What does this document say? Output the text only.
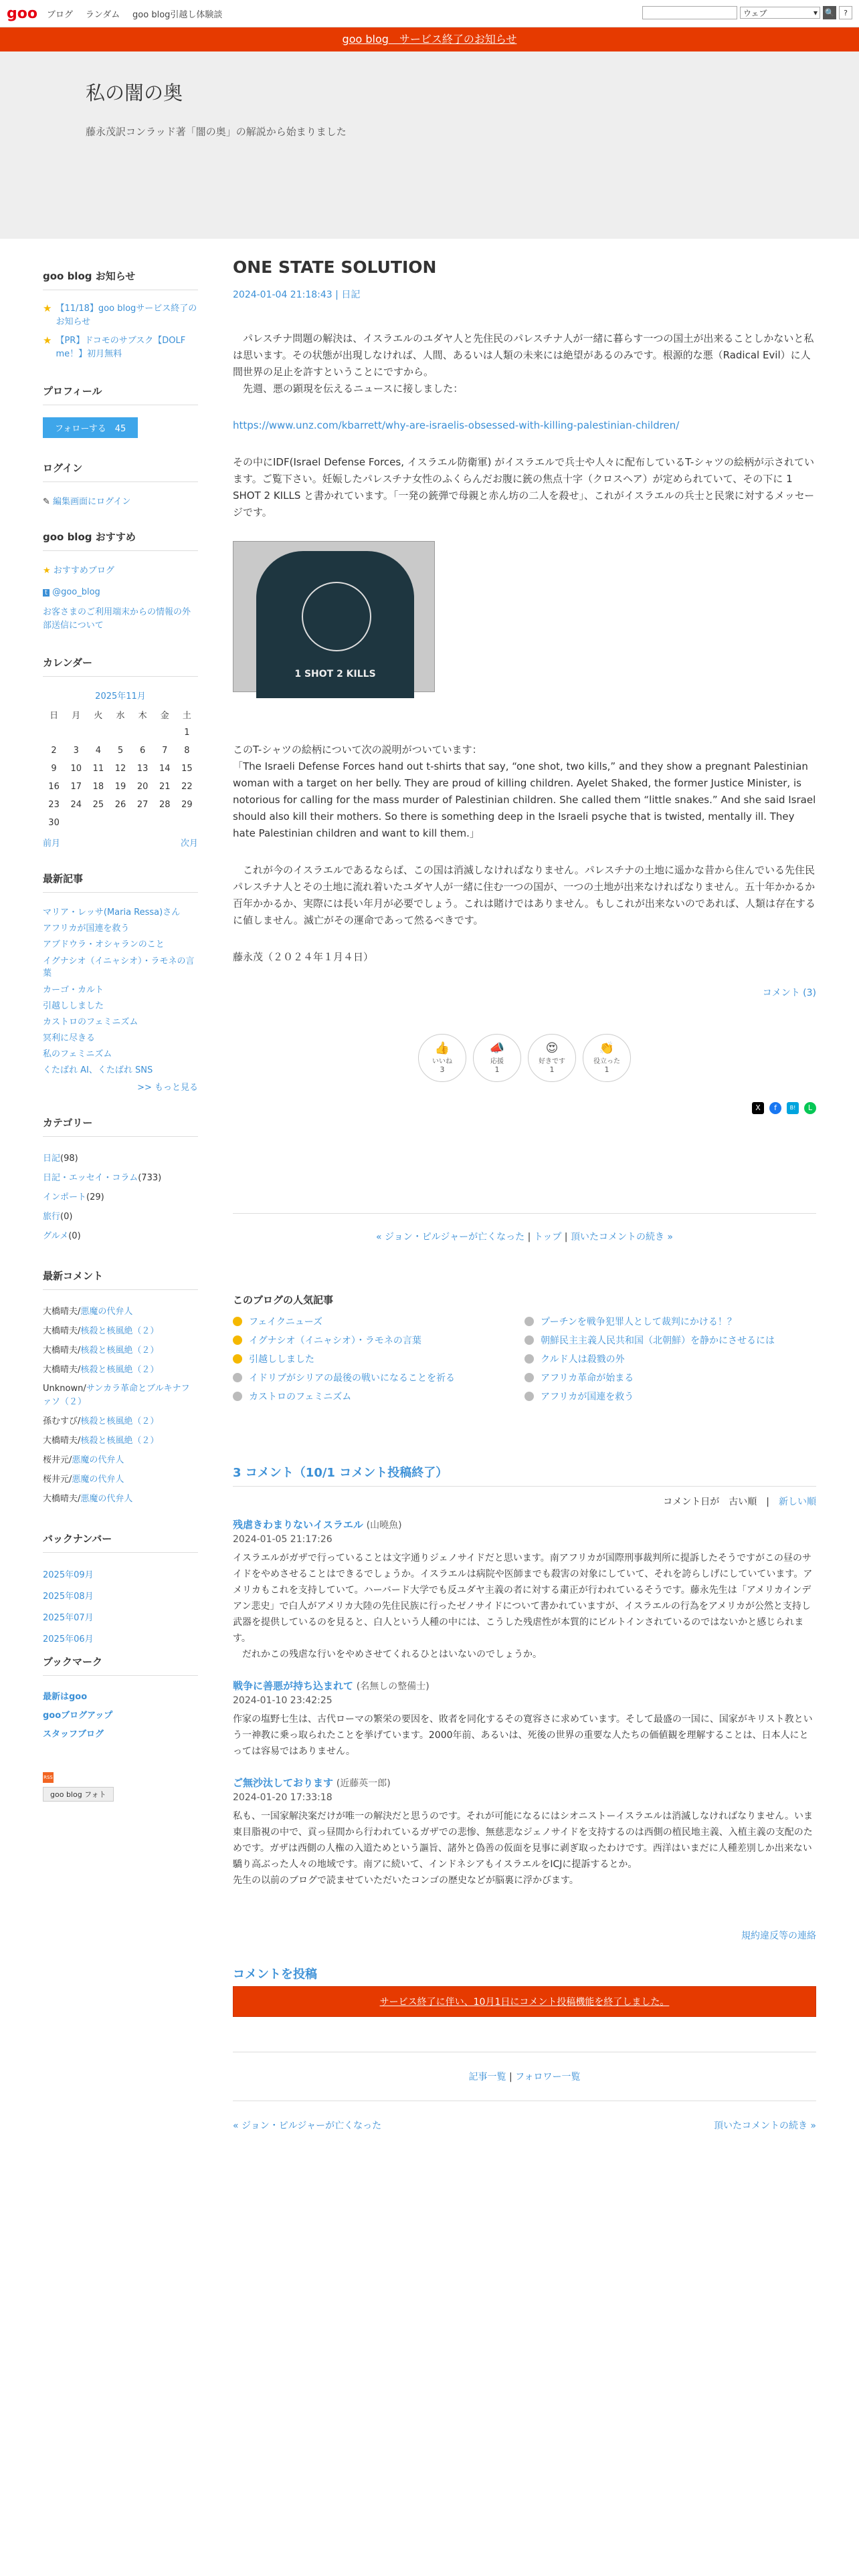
goo ブログ ランダム goo blog引越し体験談	ウェブ	▾ 🔍	?
goo blog　サービス終了のお知らせ
私の闇の奥

藤永茂訳コンラッド著「闇の奥」の解説から始まりました

goo blog お知らせ
★ 【11/18】goo blogサービス終了のお知らせ
★ 【PR】ドコモのサブスク【DOLF me！】初月無料
プロフィール
フォローする　45
ログイン
✎ 編集画面にログイン
goo blog おすすめ
★ おすすめブログ
t @goo_blog
お客さまのご利用端末からの情報の外部送信について
カレンダー
2025年11月
日	月	火	水	木	金	土
						1
2	3	4	5	6	7	8
9	10	11	12	13	14	15
16	17	18	19	20	21	22
23	24	25	26	27	28	29
30						
前月	次月
最新記事
マリア・レッサ(Maria Ressa)さん
アフリカが国連を救う
アブドウラ・オシャランのこと
イグナシオ（イニャシオ）・ラモネの言葉
カーゴ・カルト
引越ししました
カストロのフェミニズム
冥利に尽きる
私のフェミニズム
くたばれ AI、くたばれ SNS
>> もっと見る
カテゴリー
日記(98)
日記・エッセイ・コラム(733)
インポート(29)
旅行(0)
グルメ(0)
最新コメント
大橋晴夫/悪魔の代弁人
大橋晴夫/核殺と核風絶（２）
大橋晴夫/核殺と核風絶（２）
大橋晴夫/核殺と核風絶（２）
Unknown/サンカラ革命とブルキナファソ（２）
孫むすび/核殺と核風絶（２）
大橋晴夫/核殺と核風絶（２）
桜井元/悪魔の代弁人
桜井元/悪魔の代弁人
大橋晴夫/悪魔の代弁人
バックナンバー
2025年09月
2025年08月
2025年07月
2025年06月
ブックマーク
最新はgoo
gooブログアップ
スタッフブログ
RSS
goo blog フォト
ONE STATE SOLUTION
2024-01-04 21:18:43 | 日記

　パレスチナ問題の解決は、イスラエルのユダヤ人と先住民のパレスチナ人が一緒に暮らす一つの国土が出来ることしかないと私は思います。その状態が出現しなければ、人間、あるいは人類の未来には絶望があるのみです。根源的な悪（Radical Evil）に人間世界の足止を許すということにですから。
　先週、悪の顕現を伝えるニュースに接しました：

https://www.unz.com/kbarrett/why-are-israelis-obsessed-with-killing-palestinian-children/

その中にIDF(Israel Defense Forces, イスラエル防衛軍) がイスラエルで兵士や人々に配布しているT-シャツの絵柄が示されています。ご覧下さい。妊娠したパレスチナ女性のふくらんだお腹に銃の焦点十字（クロスヘア）が定められていて、その下に 1 SHOT 2 KILLS と書かれています。「一発の銃弾で母親と赤ん坊の二人を殺せ」、これがイスラエルの兵士と民衆に対するメッセージです。

1 SHOT 2 KILLS

このT-シャツの絵柄について次の説明がついています：
「The Israeli Defense Forces hand out t-shirts that say, “one shot, two kills,” and they show a pregnant Palestinian woman with a target on her belly. They are proud of killing children. Ayelet Shaked, the former Justice Minister, is notorious for calling for the mass murder of Palestinian children. She called them “little snakes.” And she said Israel should also kill their mothers. So there is something deep in the Israeli psyche that is twisted, mentally ill. They hate Palestinian children and want to kill them.」

　これが今のイスラエルであるならば、この国は消滅しなければなりません。パレスチナの土地に遥かな昔から住んでいる先住民パレスチナ人とその土地に流れ着いたユダヤ人が一緒に住む一つの国が、一つの土地が出来なければなりません。五十年かかるか百年かかるか、実際には長い年月が必要でしょう。これは賭けではありません。もしこれが出来ないのであれば、人類は存在するに値しません。滅亡がその運命であって然るべきです。

藤永茂（２０２４年１月４日）

コメント (3)
👍
いいね
3
📣
応援
1
😍
好きです
1
👏
役立った
1
X	f	B!	L
« ジョン・ピルジャーが亡くなった | トップ | 頂いたコメントの続き »
このブログの人気記事
フェイクニューズ	プーチンを戦争犯罪人として裁判にかける！？
イグナシオ（イニャシオ）・ラモネの言葉	朝鮮民主主義人民共和国（北朝鮮）を静かにさせるには
引越ししました	クルド人は殺戮の外
イドリブがシリアの最後の戦いになることを祈る	アフリカ革命が始まる
カストロのフェミニズム	アフリカが国連を救う
3 コメント（10/1 コメント投稿終了）
コメント日が　 古い順　|　新しい順
残虐きわまりないイスラエル (山曉魚)
2024-01-05 21:17:26
イスラエルがガザで行っていることは文字通りジェノサイドだと思います。南アフリカが国際刑事裁判所に提訴したそうですがこの昼のサイドをやめさせることはできるでしょうか。イスラエルは病院や医師までも殺害の対象にしていて、それを誇らしげにしていています。アメリカもこれを支持していて。ハーバード大学でも反ユダヤ主義の者に対する粛正が行われているそうです。藤永先生は「アメリカインデアン悲史」で白人がアメリカ大陸の先住民族に行ったゼノサイドについて書かれていますが、イスラエルの行為をアメリカが公然と支持し武器を提供しているのを見ると、白人という人種の中には、こうした残虐性が本質的にビルトインされているのではないかと感じられます。
　だれかこの残虐な行いをやめさせてくれるひとはいないのでしょうか。
戦争に善悪が持ち込まれて (名無しの整備士)
2024-01-10 23:42:25
作家の塩野七生は、古代ローマの繁栄の要因を、敗者を同化するその寛容さに求めています。そして最盛の一国に、国家がキリスト教という一神教に乗っ取られたことを挙げています。2000年前、あるいは、死後の世界の重要な人たちの価値観を理解することは、日本人にとっては容易ではありません。
ご無沙汰しております (近藤英一郎)
2024-01-20 17:33:18
私も、一国家解決案だけが唯一の解決だと思うのです。それが可能になるにはシオニストーイスラエルは消滅しなければなりません。いま東目脂視の中で、貢っ昼間から行われているガザでの悲惨、無慈悲なジェノサイドを支持するのは西側の植民地主義、入植主義の支配のためです。ガザは西側の人権の入道ためという謳旨、諸外と偽善の仮面を見事に剥ぎ取ったわけです。西洋はいまだに人種差別しか出来ない驕り高ぶった人々の地域です。南アに続いて、インドネシアもイスラエルをICJに提訴するとか。
先生の以前のブログで読ませていただいたコンゴの歴史などが脳裏に浮かびます。
規約違反等の連絡
コメントを投稿
サービス終了に伴い、10月1日にコメント投稿機能を終了しました。
記事一覧 | フォロワー一覧
« ジョン・ピルジャーが亡くなった	頂いたコメントの続き »
